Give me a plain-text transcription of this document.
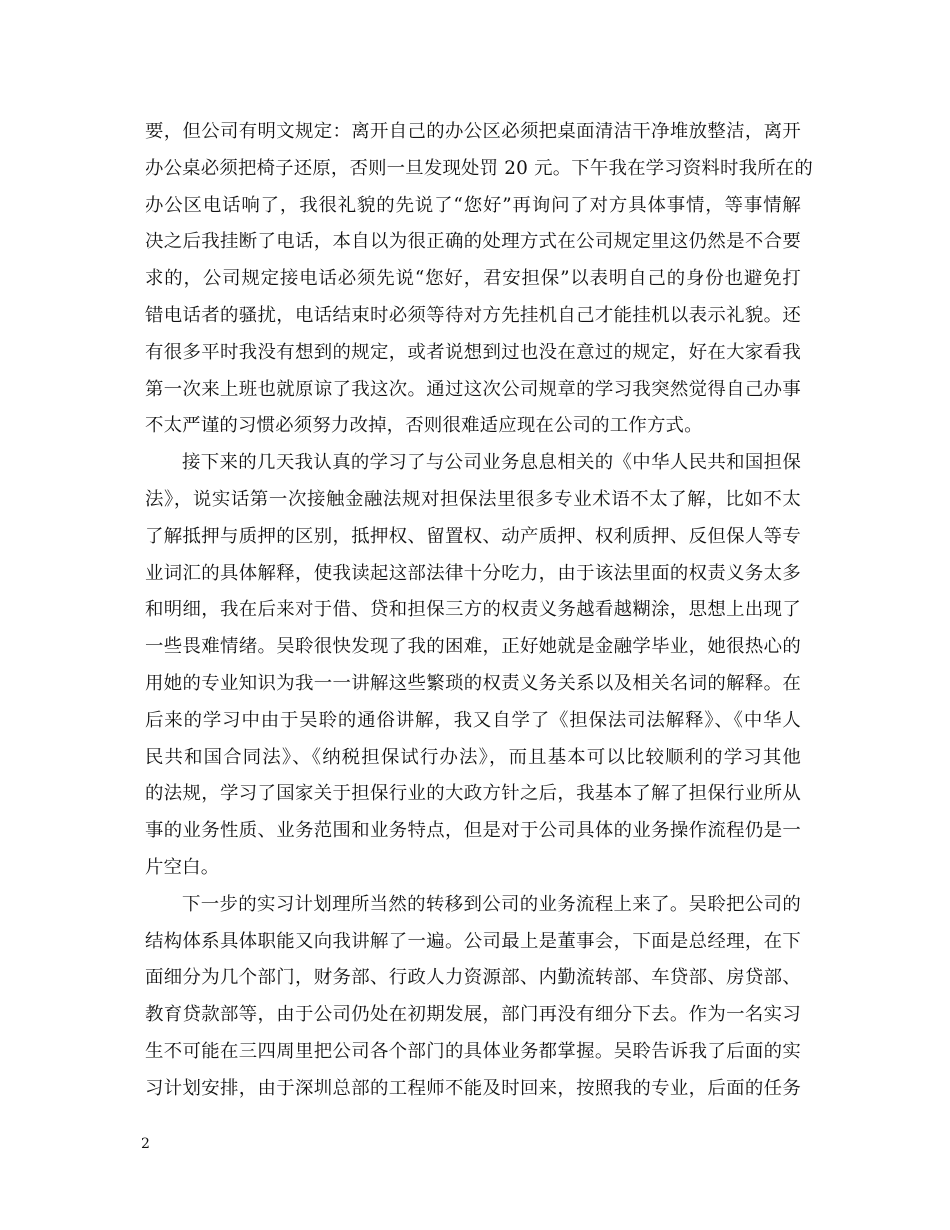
要，但公司有明文规定：离开自己的办公区必须把桌面清洁干净堆放整洁，离开
办公桌必须把椅子还原，否则一旦发现处罚 20 元。下午我在学习资料时我所在的
办公区电话响了，我很礼貌的先说了“您好”再询问了对方具体事情，等事情解
决之后我挂断了电话，本自以为很正确的处理方式在公司规定里这仍然是不合要
求的，公司规定接电话必须先说“您好，君安担保”以表明自己的身份也避免打
错电话者的骚扰，电话结束时必须等待对方先挂机自己才能挂机以表示礼貌。还
有很多平时我没有想到的规定，或者说想到过也没在意过的规定，好在大家看我
第一次来上班也就原谅了我这次。通过这次公司规章的学习我突然觉得自己办事
不太严谨的习惯必须努力改掉，否则很难适应现在公司的工作方式。
接下来的几天我认真的学习了与公司业务息息相关的《中华人民共和国担保
法》，说实话第一次接触金融法规对担保法里很多专业术语不太了解，比如不太
了解抵押与质押的区别，抵押权、留置权、动产质押、权利质押、反但保人等专
业词汇的具体解释，使我读起这部法律十分吃力，由于该法里面的权责义务太多
和明细，我在后来对于借、贷和担保三方的权责义务越看越糊涂，思想上出现了
一些畏难情绪。吴聆很快发现了我的困难，正好她就是金融学毕业，她很热心的
用她的专业知识为我一一讲解这些繁琐的权责义务关系以及相关名词的解释。在
后来的学习中由于吴聆的通俗讲解，我又自学了《担保法司法解释》、《中华人
民共和国合同法》、《纳税担保试行办法》，而且基本可以比较顺利的学习其他
的法规，学习了国家关于担保行业的大政方针之后，我基本了解了担保行业所从
事的业务性质、业务范围和业务特点，但是对于公司具体的业务操作流程仍是一
片空白。
下一步的实习计划理所当然的转移到公司的业务流程上来了。吴聆把公司的
结构体系具体职能又向我讲解了一遍。公司最上是董事会，下面是总经理，在下
面细分为几个部门，财务部、行政人力资源部、内勤流转部、车贷部、房贷部、
教育贷款部等，由于公司仍处在初期发展，部门再没有细分下去。作为一名实习
生不可能在三四周里把公司各个部门的具体业务都掌握。吴聆告诉我了后面的实
习计划安排，由于深圳总部的工程师不能及时回来，按照我的专业，后面的任务
2
